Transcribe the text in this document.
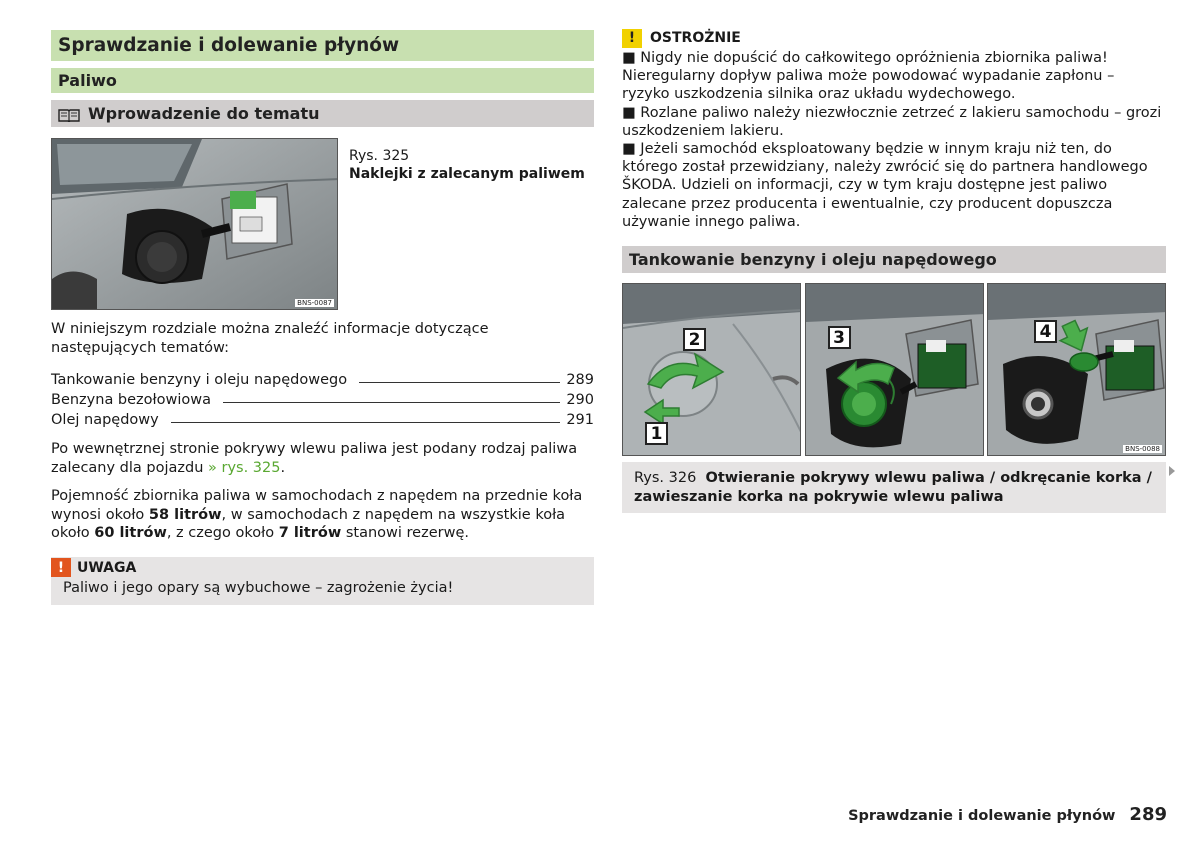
Sprawdzanie i dolewanie płynów
Paliwo
Wprowadzenie do tematu
BNS-0087
Rys. 325
Naklejki z zalecanym paliwem

W niniejszym rozdziale można znaleźć informacje dotyczące następujących tematów:

Tankowanie benzyny i oleju napędowego	289
Benzyna bezołowiowa	290
Olej napędowy	291

Po wewnętrznej stronie pokrywy wlewu paliwa jest podany rodzaj paliwa zalecany dla pojazdu » rys. 325.

Pojemność zbiornika paliwa w samochodach z napędem na przednie koła wynosi około 58 litrów, w samochodach z napędem na wszystkie koła około 60 litrów, z czego około 7 litrów stanowi rezerwę.

! UWAGA
Paliwo i jego opary są wybuchowe – zagrożenie życia!
!	OSTROŻNIE
■ Nigdy nie dopuścić do całkowitego opróżnienia zbiornika paliwa! Nieregularny dopływ paliwa może powodować wypadanie zapłonu – ryzyko uszkodzenia silnika oraz układu wydechowego.
■ Rozlane paliwo należy niezwłocznie zetrzeć z lakieru samochodu – grozi uszkodzeniem lakieru.
■ Jeżeli samochód eksploatowany będzie w innym kraju niż ten, do którego został przewidziany, należy zwrócić się do partnera handlowego ŠKODA. Udzieli on informacji, czy w tym kraju dostępne jest paliwo zalecane przez producenta i ewentualnie, czy producent dopuszcza używanie innego paliwa.
Tankowanie benzyny i oleju napędowego
2
1
3	4
BNS-0088
Rys. 326 Otwieranie pokrywy wlewu paliwa / odkręcanie korka / zawieszanie korka na pokrywie wlewu paliwa
Sprawdzanie i dolewanie płynów 289
